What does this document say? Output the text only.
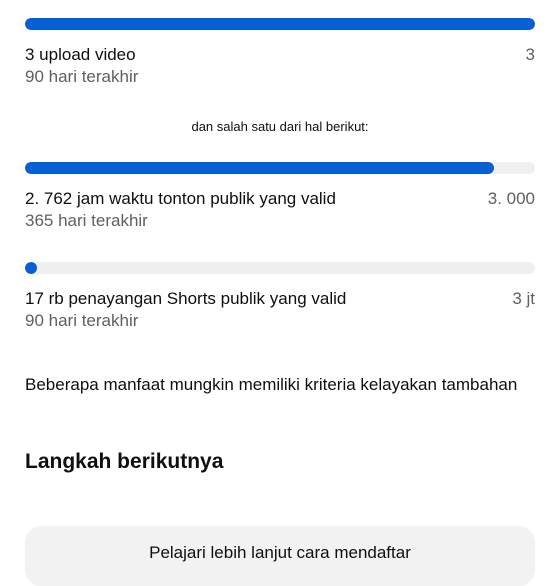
3 upload video	3
90 hari terakhir
dan salah satu dari hal berikut:
2. 762 jam waktu tonton publik yang valid	3. 000
365 hari terakhir
17 rb penayangan Shorts publik yang valid	3 jt
90 hari terakhir
Beberapa manfaat mungkin memiliki kriteria kelayakan tambahan
Langkah berikutnya
Pelajari lebih lanjut cara mendaftar
